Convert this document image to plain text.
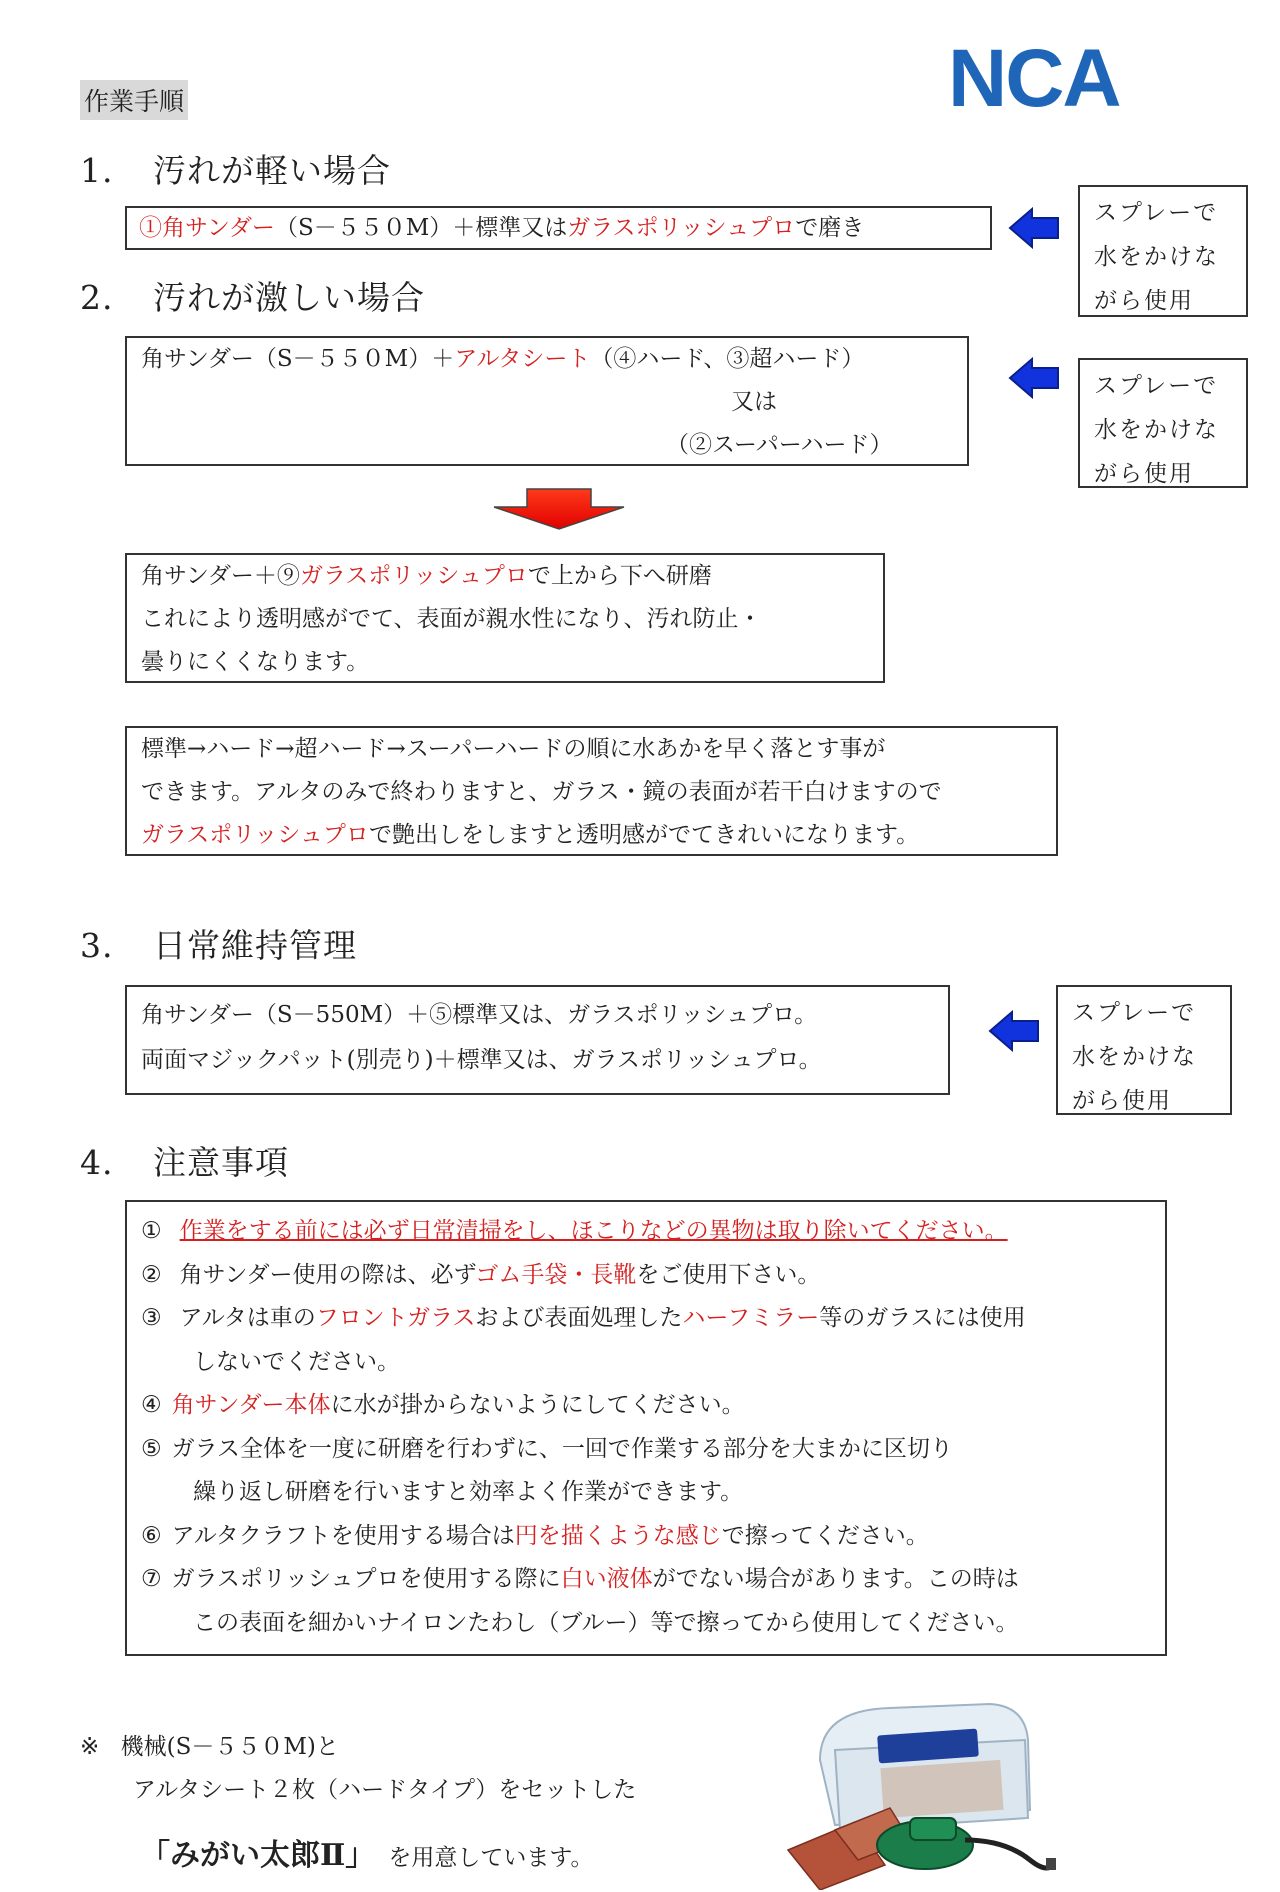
NCA
作業手順
1. 汚れが軽い場合
①角サンダー（S－５５０M）＋標準又はガラスポリッシュプロで磨き
スプレーで
水をかけな
がら使用
2. 汚れが激しい場合
角サンダー（S－５５０M）＋アルタシート（④ハード、③超ハード）
又は
（②スーパーハード）
スプレーで
水をかけな
がら使用
角サンダー＋⑨ガラスポリッシュプロで上から下へ研磨
これにより透明感がでて、表面が親水性になり、汚れ防止・
曇りにくくなります。
標準→ハード→超ハード→スーパーハードの順に水あかを早く落とす事が
できます。アルタのみで終わりますと、ガラス・鏡の表面が若干白けますので
ガラスポリッシュプロで艶出しをしますと透明感がでてきれいになります。
3. 日常維持管理
角サンダー（S－550M）＋⑤標準又は、ガラスポリッシュプロ。
両面マジックパット(別売り)＋標準又は、ガラスポリッシュプロ。
スプレーで
水をかけな
がら使用
4. 注意事項
① 作業をする前には必ず日常清掃をし、ほこりなどの異物は取り除いてください。
② 角サンダー使用の際は、必ずゴム手袋・長靴をご使用下さい。
③ アルタは車のフロントガラスおよび表面処理したハーフミラー等のガラスには使用
しないでください。
④ 角サンダー本体に水が掛からないようにしてください。
⑤ ガラス全体を一度に研磨を行わずに、一回で作業する部分を大まかに区切り
繰り返し研磨を行いますと効率よく作業ができます。
⑥ アルタクラフトを使用する場合は円を描くような感じで擦ってください。
⑦ ガラスポリッシュプロを使用する際に白い液体がでない場合があります。この時は
この表面を細かいナイロンたわし（ブルー）等で擦ってから使用してください。
※ 機械(S－５５０M)と
アルタシート２枚（ハードタイプ）をセットした
「みがい太郎Ⅱ」 を用意しています。
